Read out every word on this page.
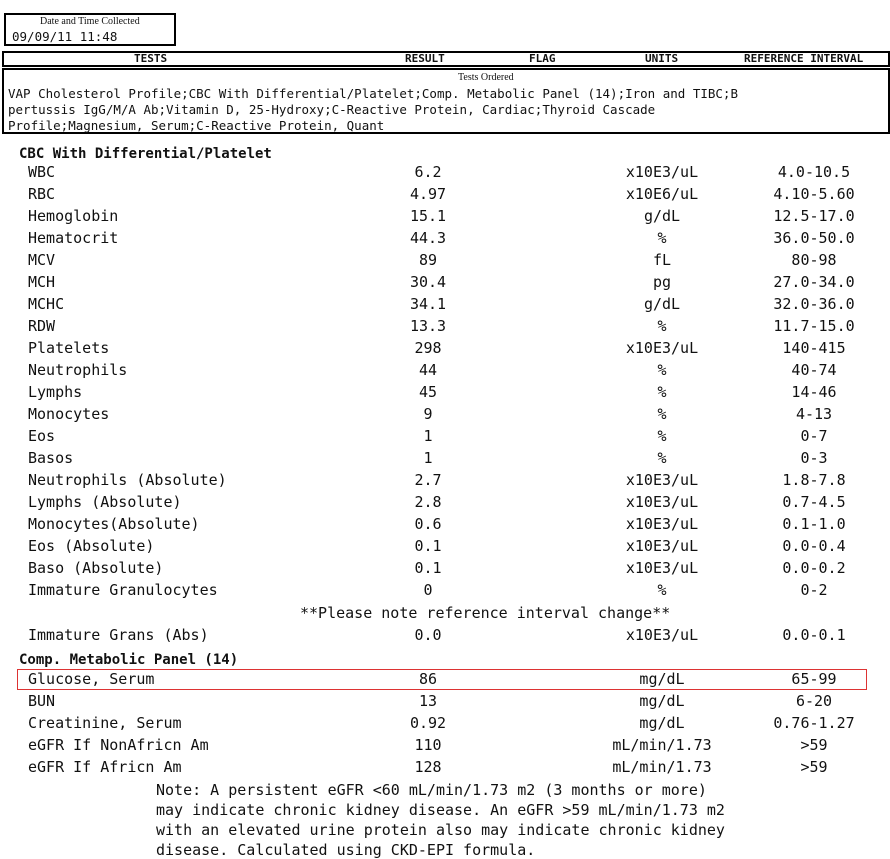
Date and Time Collected
09/09/11 11:48
TESTS	RESULT	FLAG	UNITS	REFERENCE INTERVAL
Tests Ordered
VAP Cholesterol Profile;CBC With Differential/Platelet;Comp. Metabolic Panel (14);Iron and TIBC;B
pertussis IgG/M/A Ab;Vitamin D, 25-Hydroxy;C-Reactive Protein, Cardiac;Thyroid Cascade
Profile;Magnesium, Serum;C-Reactive Protein, Quant
CBC With Differential/Platelet
WBC	6.2	x10E3/uL	4.0-10.5
RBC	4.97	x10E6/uL	4.10-5.60
Hemoglobin	15.1	g/dL	12.5-17.0
Hematocrit	44.3	%	36.0-50.0
MCV	89	fL	80-98
MCH	30.4	pg	27.0-34.0
MCHC	34.1	g/dL	32.0-36.0
RDW	13.3	%	11.7-15.0
Platelets	298	x10E3/uL	140-415
Neutrophils	44	%	40-74
Lymphs	45	%	14-46
Monocytes	9	%	4-13
Eos	1	%	0-7
Basos	1	%	0-3
Neutrophils (Absolute)	2.7	x10E3/uL	1.8-7.8
Lymphs (Absolute)	2.8	x10E3/uL	0.7-4.5
Monocytes(Absolute)	0.6	x10E3/uL	0.1-1.0
Eos (Absolute)	0.1	x10E3/uL	0.0-0.4
Baso (Absolute)	0.1	x10E3/uL	0.0-0.2
Immature Granulocytes	0	%	0-2
**Please note reference interval change**
Immature Grans (Abs)	0.0	x10E3/uL	0.0-0.1
Comp. Metabolic Panel (14)
Glucose, Serum	86	mg/dL	65-99
BUN	13	mg/dL	6-20
Creatinine, Serum	0.92	mg/dL	0.76-1.27
eGFR If NonAfricn Am	110	mL/min/1.73	>59
eGFR If Africn Am	128	mL/min/1.73	>59
Note: A persistent eGFR <60 mL/min/1.73 m2 (3 months or more)
may indicate chronic kidney disease. An eGFR >59 mL/min/1.73 m2
with an elevated urine protein also may indicate chronic kidney
disease. Calculated using CKD-EPI formula.
